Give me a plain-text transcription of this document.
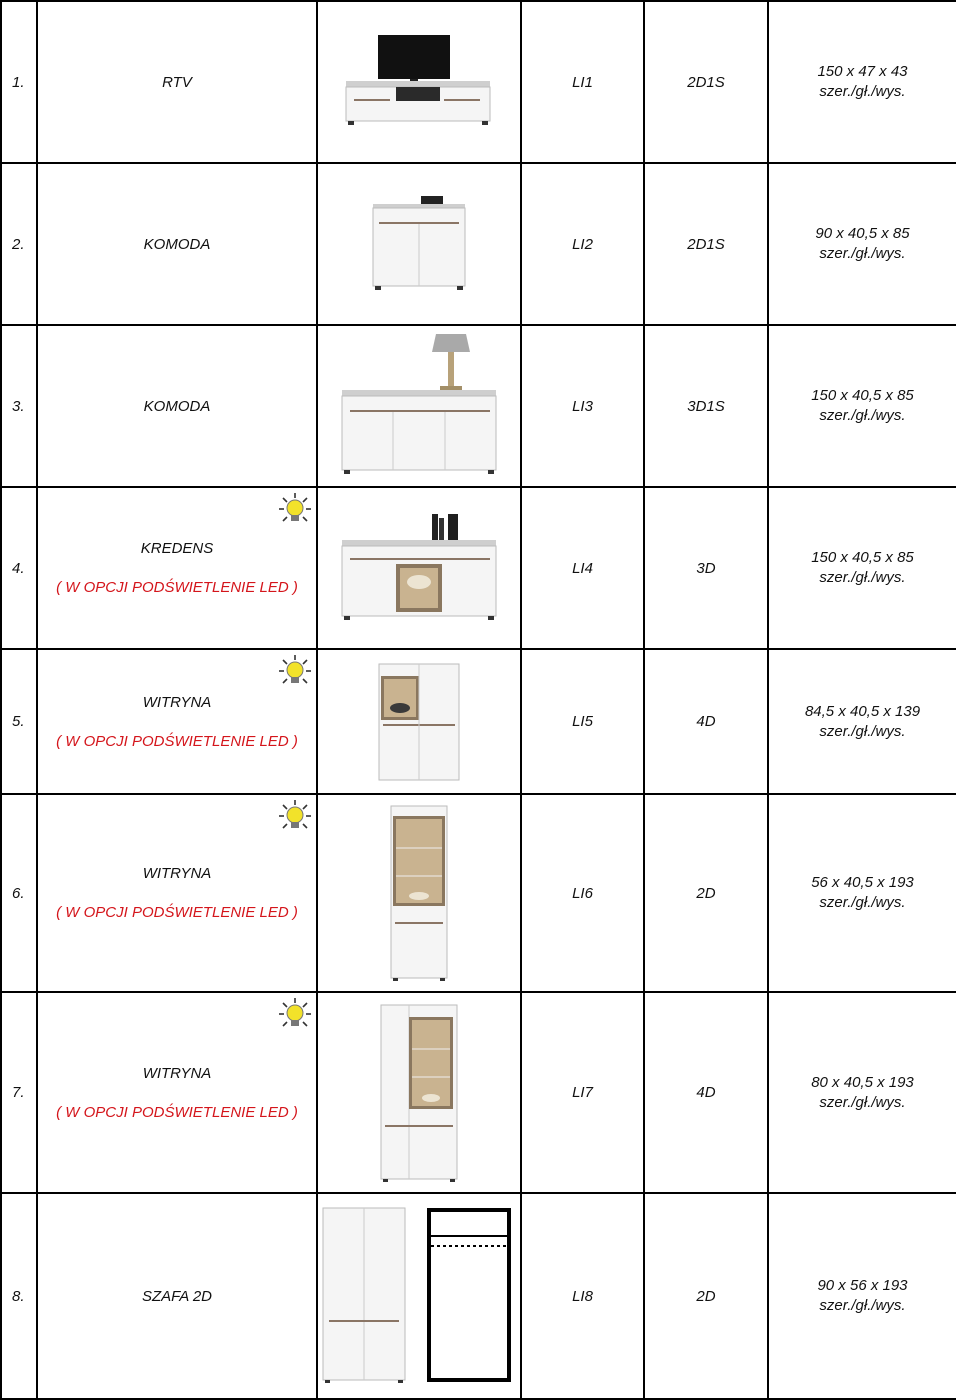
1.	RTV		LI1	2D1S	150 x 47 x 43
szer./gł./wys.

2.	KOMODA		LI2	2D1S	90 x 40,5 x 85
szer./gł./wys.

3.	KOMODA		LI3	3D1S	150 x 40,5 x 85
szer./gł./wys.

4.	KREDENS
( W OPCJI PODŚWIETLENIE LED )		LI4	3D	150 x 40,5 x 85
szer./gł./wys.

5.	WITRYNA
( W OPCJI PODŚWIETLENIE LED )		LI5	4D	84,5 x 40,5 x 139
szer./gł./wys.

6.	WITRYNA
( W OPCJI PODŚWIETLENIE LED )		LI6	2D	56 x 40,5 x 193
szer./gł./wys.

7.	WITRYNA
( W OPCJI PODŚWIETLENIE LED )		LI7	4D	80 x 40,5 x 193
szer./gł./wys.

8.	SZAFA 2D		LI8	2D	90 x 56 x 193
szer./gł./wys.
